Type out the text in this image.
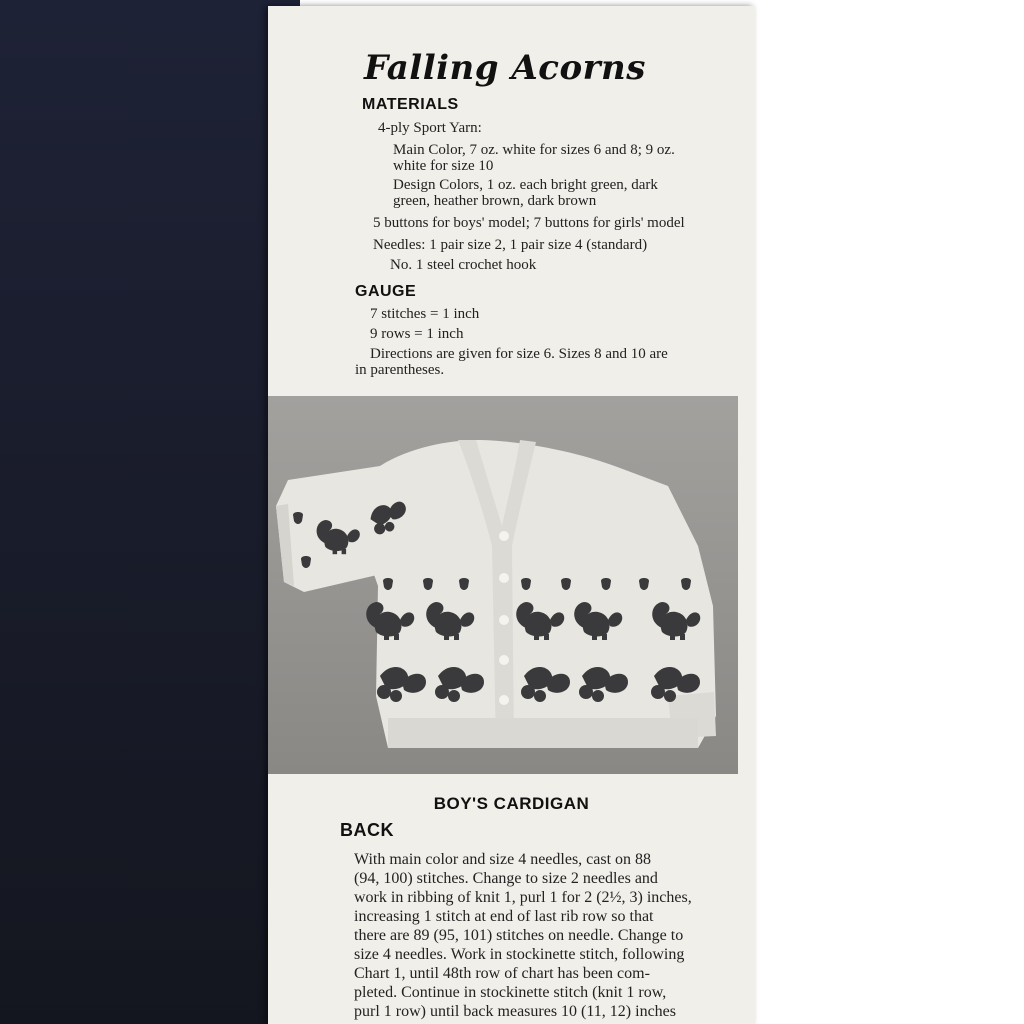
Falling Acorns

MATERIALS

4-ply Sport Yarn:

Main Color, 7 oz. white for sizes 6 and 8; 9 oz.

white for size 10

Design Colors, 1 oz. each bright green, dark

green, heather brown, dark brown

5 buttons for boys' model; 7 buttons for girls' model

Needles: 1 pair size 2, 1 pair size 4 (standard)

No. 1 steel crochet hook

GAUGE

7 stitches = 1 inch

9 rows = 1 inch

Directions are given for size 6. Sizes 8 and 10 are

in parentheses.

BOY'S CARDIGAN

BACK

With main color and size 4 needles, cast on 88

(94, 100) stitches. Change to size 2 needles and

work in ribbing of knit 1, purl 1 for 2 (2½, 3) inches,

increasing 1 stitch at end of last rib row so that

there are 89 (95, 101) stitches on needle. Change to

size 4 needles. Work in stockinette stitch, following

Chart 1, until 48th row of chart has been com-

pleted. Continue in stockinette stitch (knit 1 row,

purl 1 row) until back measures 10 (11, 12) inches
